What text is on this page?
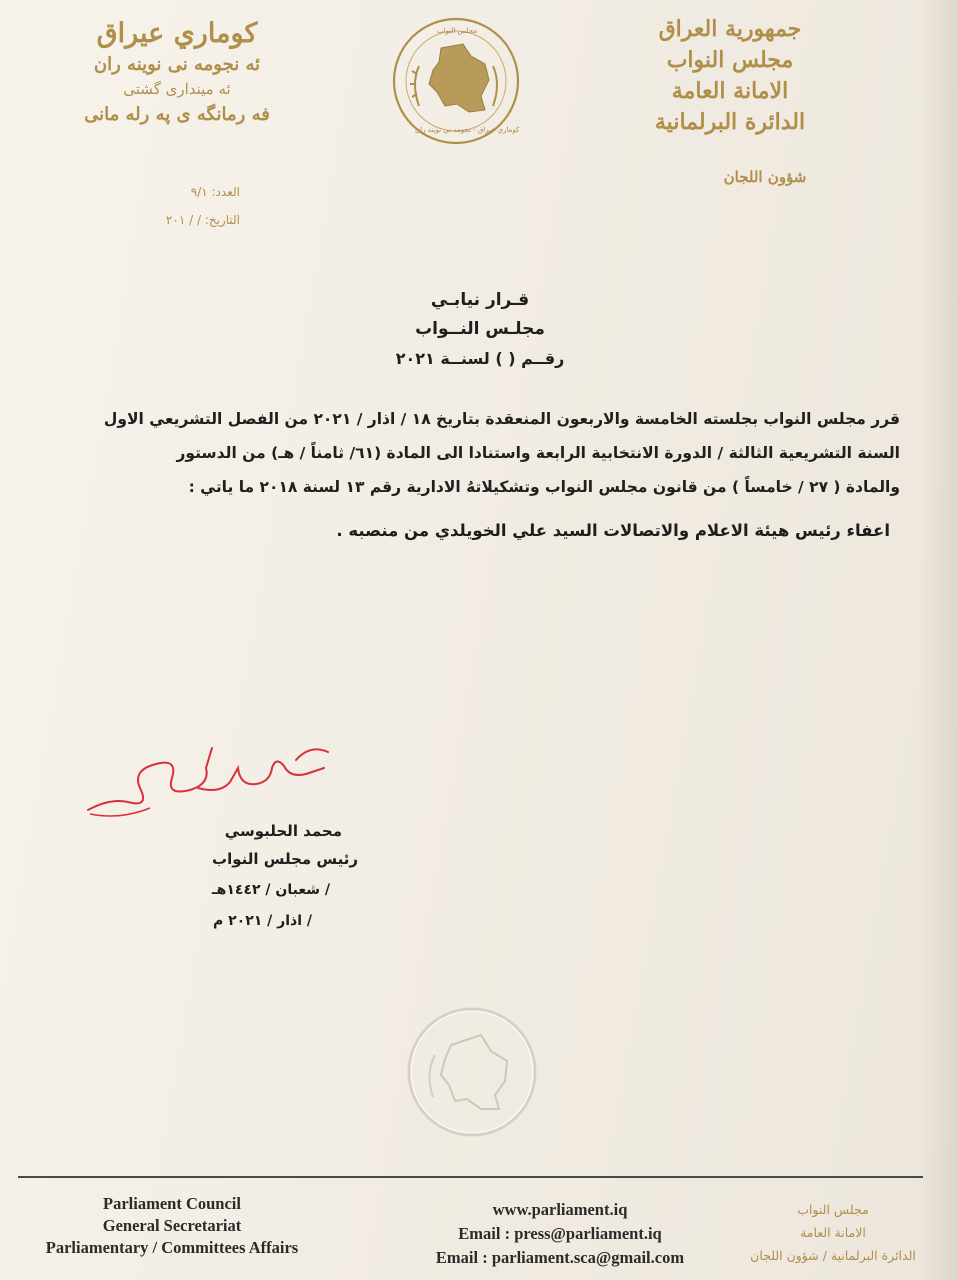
جمهورية العراق
مجلس النواب
الامانة العامة
الدائرة البرلمانية
شؤون اللجان
كوماري عيراق
ئه نجومه نى نوينه ران
ئه مینداری گشتی
فه رمانگه ی په رله مانی
العدد: ٩/١
التاريخ: / / ٢٠١
مجلس النواب
كوماري عيراق - نجومه ني نوينه ران
قـرار نيابـي
مجلـس النــواب
رقــم ( ) لسنــة ٢٠٢١
قرر مجلس النواب بجلسته الخامسة والاربعون المنعقدة بتاريخ ١٨ / اذار / ٢٠٢١ من الفصل التشريعي الاول
السنة التشريعية الثالثة / الدورة الانتخابية الرابعة واستنادا الى المادة (٦١/ ثامناً / هـ) من الدستور
والمادة ( ٢٧ / خامساً ) من قانون مجلس النواب وتشكيلاتهُ الادارية رقم ١٣ لسنة ٢٠١٨ ما ياتي :
اعفاء رئيس هيئة الاعلام والاتصالات السيد علي الخويلدي من منصبه .
محمد الحلبوسي
رئيس مجلس النواب
/ شعبان / ١٤٤٢هـ
/ اذار / ٢٠٢١ م
Parliament Council
General Secretariat
Parliamentary / Committees Affairs
www.parliament.iq
Email : press@parliament.iq
Email : parliament.sca@gmail.com
مجلس النواب
الامانة العامة
الدائرة البرلمانية / شؤون اللجان
